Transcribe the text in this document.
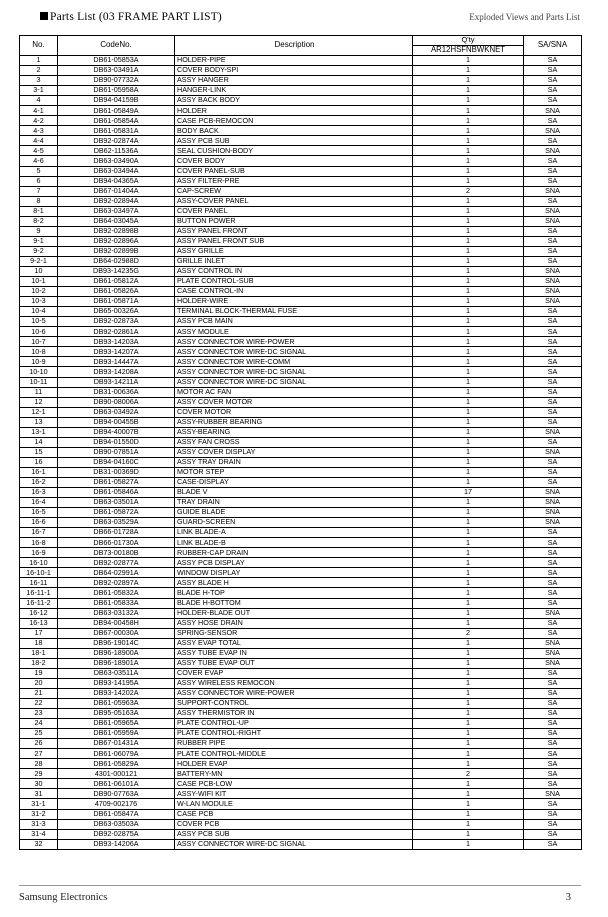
Parts List (03 FRAME PART LIST)	Exploded Views and Parts List
No.	CodeNo.	Description	Q'ty	SA/SNA
			AR12HSFNBWKNET	
1	DB61-05853A	HOLDER-PIPE	1	SA
2	DB63-03491A	COVER BODY-SPI	1	SA
3	DB90-07732A	ASSY HANGER	1	SA
3-1	DB61-05958A	HANGER-LINK	1	SA
4	DB94-04159B	ASSY BACK BODY	1	SA
4-1	DB61-05849A	HOLDER	1	SNA
4-2	DB61-05854A	CASE PCB-REMOCON	1	SA
4-3	DB61-05831A	BODY BACK	1	SNA
4-4	DB92-02874A	ASSY PCB SUB	1	SA
4-5	DB62-11536A	SEAL CUSHION-BODY	1	SNA
4-6	DB63-03490A	COVER BODY	1	SA
5	DB63-03494A	COVER PANEL-SUB	1	SA
6	DB94-04365A	ASSY FILTER-PRE	1	SA
7	DB67-01404A	CAP-SCREW	2	SNA
8	DB92-02894A	ASSY-COVER PANEL	1	SA
8-1	DB63-03497A	COVER PANEL	1	SNA
8-2	DB64-03045A	BUTTON POWER	1	SNA
9	DB92-02898B	ASSY PANEL FRONT	1	SA
9-1	DB92-02896A	ASSY PANEL FRONT SUB	1	SA
9-2	DB92-02899B	ASSY GRILLE	1	SA
9-2-1	DB64-02988D	GRILLE INLET	1	SA
10	DB93-14235G	ASSY CONTROL IN	1	SNA
10-1	DB61-05812A	PLATE CONTROL-SUB	1	SNA
10-2	DB61-05826A	CASE CONTROL-IN	1	SNA
10-3	DB61-05871A	HOLDER-WIRE	1	SNA
10-4	DB65-00326A	TERMINAL BLOCK-THERMAL FUSE	1	SA
10-5	DB92-02873A	ASSY PCB MAIN	1	SA
10-6	DB92-02861A	ASSY MODULE	1	SA
10-7	DB93-14203A	ASSY CONNECTOR WIRE-POWER	1	SA
10-8	DB93-14207A	ASSY CONNECTOR WIRE-DC SIGNAL	1	SA
10-9	DB93-14447A	ASSY CONNECTOR WIRE-COMM	1	SA
10-10	DB93-14208A	ASSY CONNECTOR WIRE-DC SIGNAL	1	SA
10-11	DB93-14211A	ASSY CONNECTOR WIRE-DC SIGNAL	1	SA
11	DB31-00636A	MOTOR AC FAN	1	SA
12	DB90-08006A	ASSY COVER MOTOR	1	SA
12-1	DB63-03492A	COVER MOTOR	1	SA
13	DB94-00455B	ASSY-RUBBER BEARING	1	SA
13-1	DB94-40007B	ASSY-BEARING	1	SNA
14	DB94-01550D	ASSY FAN CROSS	1	SA
15	DB90-07851A	ASSY COVER DISPLAY	1	SNA
16	DB94-04160C	ASSY TRAY DRAIN	1	SA
16-1	DB31-00369D	MOTOR STEP	1	SA
16-2	DB61-05827A	CASE-DISPLAY	1	SA
16-3	DB61-05846A	BLADE V	17	SNA
16-4	DB63-03501A	TRAY DRAIN	1	SNA
16-5	DB61-05872A	GUIDE BLADE	1	SNA
16-6	DB63-03529A	GUARD-SCREEN	1	SNA
16-7	DB66-01728A	LINK BLADE-A	1	SA
16-8	DB66-01730A	LINK BLADE-B	1	SA
16-9	DB73-00180B	RUBBER-CAP DRAIN	1	SA
16-10	DB92-02877A	ASSY PCB DISPLAY	1	SA
16-10-1	DB64-02991A	WINDOW DISPLAY	1	SA
16-11	DB92-02897A	ASSY BLADE H	1	SA
16-11-1	DB61-05832A	BLADE H-TOP	1	SA
16-11-2	DB61-05833A	BLADE H-BOTTOM	1	SA
16-12	DB63-03132A	HOLDER-BLADE OUT	1	SNA
16-13	DB94-00458H	ASSY HOSE DRAIN	1	SA
17	DB67-00030A	SPRING-SENSOR	2	SA
18	DB96-19014C	ASSY EVAP TOTAL	1	SNA
18-1	DB96-18900A	ASSY TUBE EVAP IN	1	SNA
18-2	DB96-18901A	ASSY TUBE EVAP OUT	1	SNA
19	DB63-03511A	COVER EVAP	1	SA
20	DB93-14195A	ASSY WIRELESS REMOCON	1	SA
21	DB93-14202A	ASSY CONNECTOR WIRE-POWER	1	SA
22	DB61-05963A	SUPPORT-CONTROL	1	SA
23	DB95-05163A	ASSY THERMISTOR IN	1	SA
24	DB61-05965A	PLATE CONTROL-UP	1	SA
25	DB61-05959A	PLATE CONTROL-RIGHT	1	SA
26	DB67-01431A	RUBBER PIPE	1	SA
27	DB61-06079A	PLATE CONTROL-MIDDLE	1	SA
28	DB61-05829A	HOLDER EVAP	1	SA
29	4301-000121	BATTERY-MN	2	SA
30	DB61-06101A	CASE PCB-LOW	1	SA
31	DB90-07763A	ASSY-WIFI KIT	1	SNA
31-1	4709-002176	W-LAN MODULE	1	SA
31-2	DB61-05847A	CASE PCB	1	SA
31-3	DB63-03503A	COVER PCB	1	SA
31-4	DB92-02875A	ASSY PCB SUB	1	SA
32	DB93-14206A	ASSY CONNECTOR WIRE-DC SIGNAL	1	SA
Samsung Electronics	3
